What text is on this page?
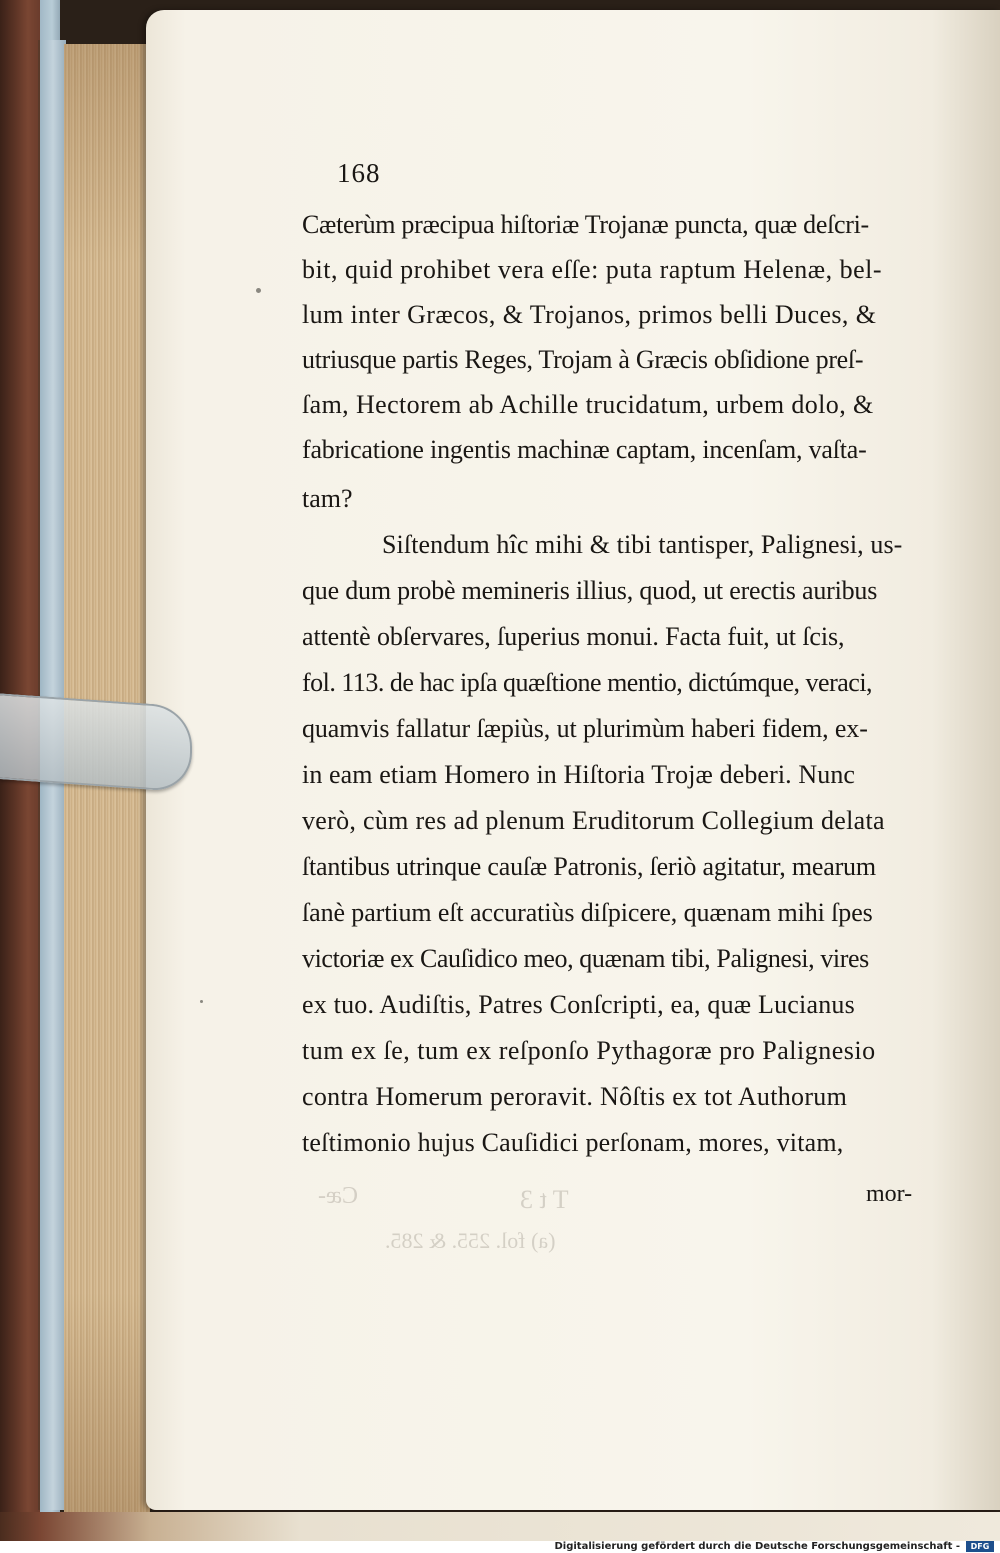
T t 3
(a) fol. 255. & 285.
Cæ-
168
Cæterùm præcipua hiſtoriæ Trojanæ puncta, quæ deſcri-
bit, quid prohibet vera eſſe: puta raptum Helenæ, bel-
lum inter Græcos, & Trojanos, primos belli Duces, &
utriusque partis Reges, Trojam à Græcis obſidione preſ-
ſam, Hectorem ab Achille trucidatum, urbem dolo, &
fabricatione ingentis machinæ captam, incenſam, vaſta-
tam?
Siſtendum hîc mihi & tibi tantisper, Palignesi, us-
que dum probè memineris illius, quod, ut erectis auribus
attentè obſervares, ſuperius monui. Facta fuit, ut ſcis,
fol. 113. de hac ipſa quæſtione mentio, dictúmque, veraci,
quamvis fallatur ſæpiùs, ut plurimùm haberi fidem, ex-
in eam etiam Homero in Hiſtoria Trojæ deberi. Nunc
verò, cùm res ad plenum Eruditorum Collegium delata
ſtantibus utrinque cauſæ Patronis, ſeriò agitatur, mearum
ſanè partium eſt accuratiùs diſpicere, quænam mihi ſpes
victoriæ ex Cauſidico meo, quænam tibi, Palignesi, vires
ex tuo. Audiſtis, Patres Conſcripti, ea, quæ Lucianus
tum ex ſe, tum ex reſponſo Pythagoræ pro Palignesio
contra Homerum peroravit. Nôſtis ex tot Authorum
teſtimonio hujus Cauſidici perſonam, mores, vitam,
mor-
Digitalisierung gefördert durch die Deutsche Forschungsgemeinschaft -	DFG
